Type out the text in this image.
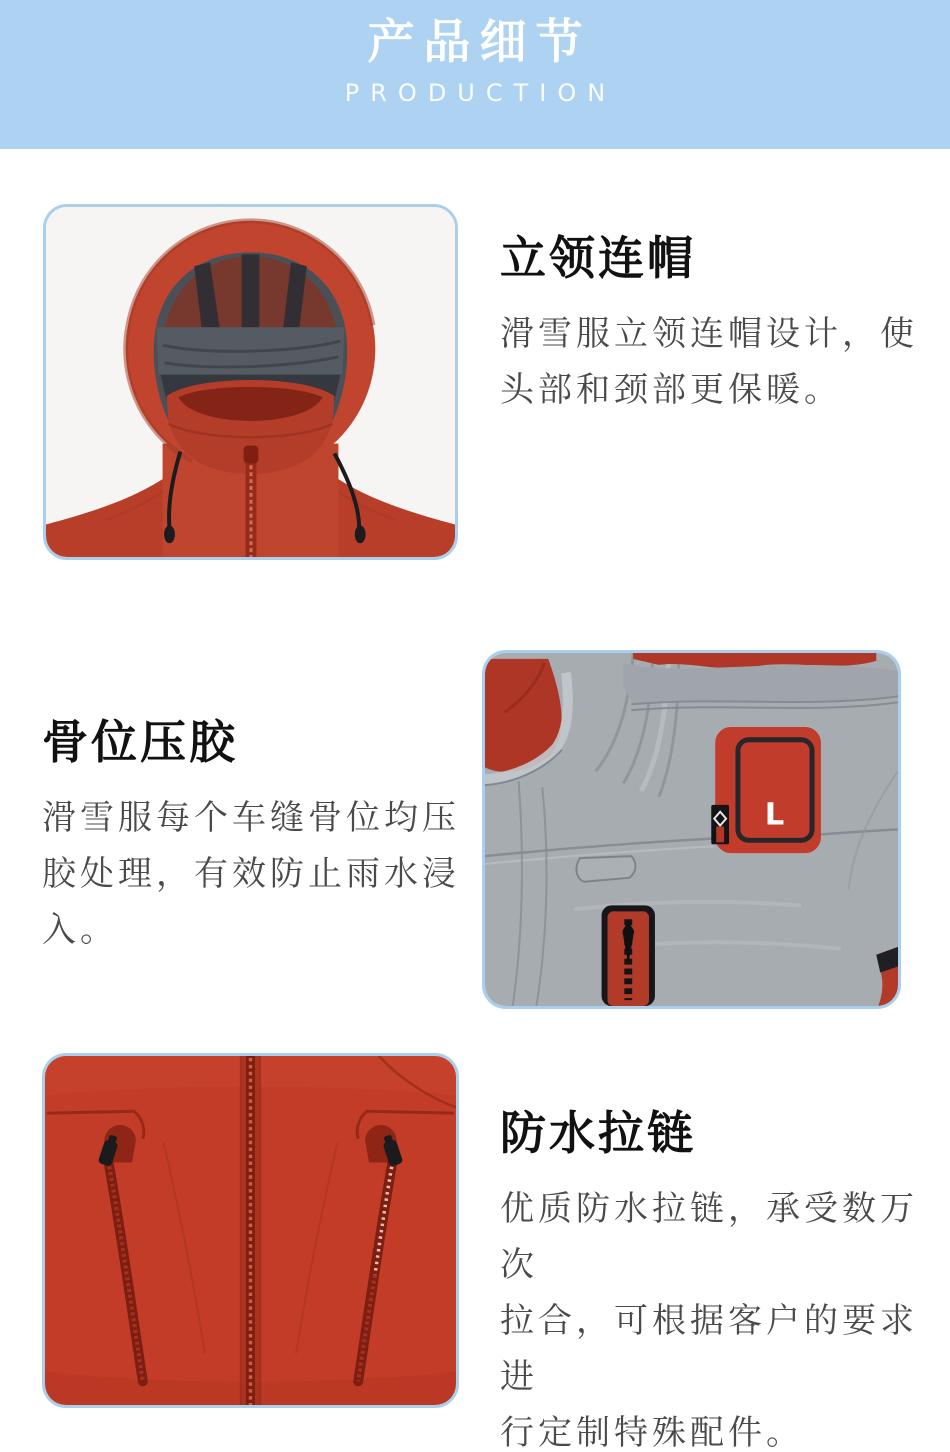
产品细节
PRODUCTION
立领连帽

滑雪服立领连帽设计，使
头部和颈部更保暖。

骨位压胶

滑雪服每个车缝骨位均压
胶处理，有效防止雨水浸
入。

L
防水拉链

优质防水拉链，承受数万次
拉合，可根据客户的要求进
行定制特殊配件。
